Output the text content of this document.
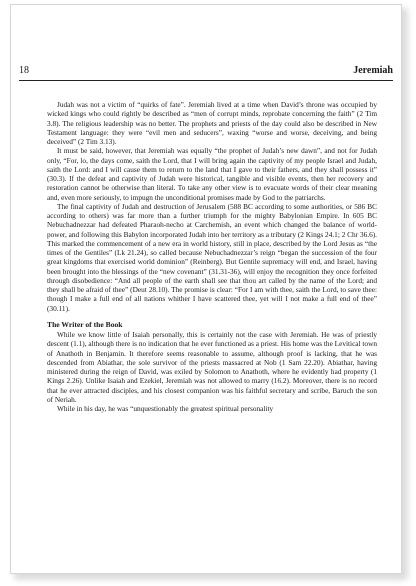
18	Jeremiah

Judah was not a victim of “quirks of fate”. Jeremiah lived at a time when David’s throne was occupied by wicked kings who could rightly be described as “men of corrupt minds, reprobate concerning the faith” (2 Tim 3.8). The religious leadership was no better. The prophets and priests of the day could also be described in New Testament language: they were “evil men and seducers”, waxing “worse and worse, deceiving, and being deceived” (2 Tim 3.13).

It must be said, however, that Jeremiah was equally “the prophet of Judah’s new dawn”, and not for Judah only, “For, lo, the days come, saith the Lord, that I will bring again the captivity of my people Israel and Judah, saith the Lord: and I will cause them to return to the land that I gave to their fathers, and they shall possess it” (30.3). If the defeat and captivity of Judah were historical, tangible and visible events, then her recovery and restoration cannot be otherwise than literal. To take any other view is to evacuate words of their clear meaning and, even more seriously, to impugn the unconditional promises made by God to the patriarchs.

The final captivity of Judah and destruction of Jerusalem (588 BC according to some authorities, or 586 BC according to others) was far more than a further triumph for the mighty Babylonian Empire. In 605 BC Nebuchadnezzar had defeated Pharaoh-necho at Carchemish, an event which changed the balance of world-power, and following this Babylon incorporated Judah into her territory as a tributary (2 Kings 24.1; 2 Chr 36.6). This marked the commencement of a new era in world history, still in place, described by the Lord Jesus as “the times of the Gentiles” (Lk 21.24), so called because Nebuchadnezzar’s reign “began the succession of the four great kingdoms that exercised world dominion” (Reinberg). But Gentile supremacy will end, and Israel, having been brought into the blessings of the “new covenant” (31.31-36), will enjoy the recognition they once forfeited through disobedience: “And all people of the earth shall see that thou art called by the name of the Lord; and they shall be afraid of thee” (Deut 28.10). The promise is clear: “For I am with thee, saith the Lord, to save thee: though I make a full end of all nations whither I have scattered thee, yet will I not make a full end of thee” (30.11).

The Writer of the Book

While we know little of Isaiah personally, this is certainly not the case with Jeremiah. He was of priestly descent (1.1), although there is no indication that he ever functioned as a priest. His home was the Levitical town of Anathoth in Benjamin. It therefore seems reasonable to assume, although proof is lacking, that he was descended from Abiathar, the sole survivor of the priests massacred at Nob (1 Sam 22.20). Abiathar, having ministered during the reign of David, was exiled by Solomon to Anathoth, where he evidently had property (1 Kings 2.26). Unlike Isaiah and Ezekiel, Jeremiah was not allowed to marry (16.2). Moreover, there is no record that he ever attracted disciples, and his closest companion was his faithful secretary and scribe, Baruch the son of Neriah.

While in his day, he was “unquestionably the greatest spiritual personality
